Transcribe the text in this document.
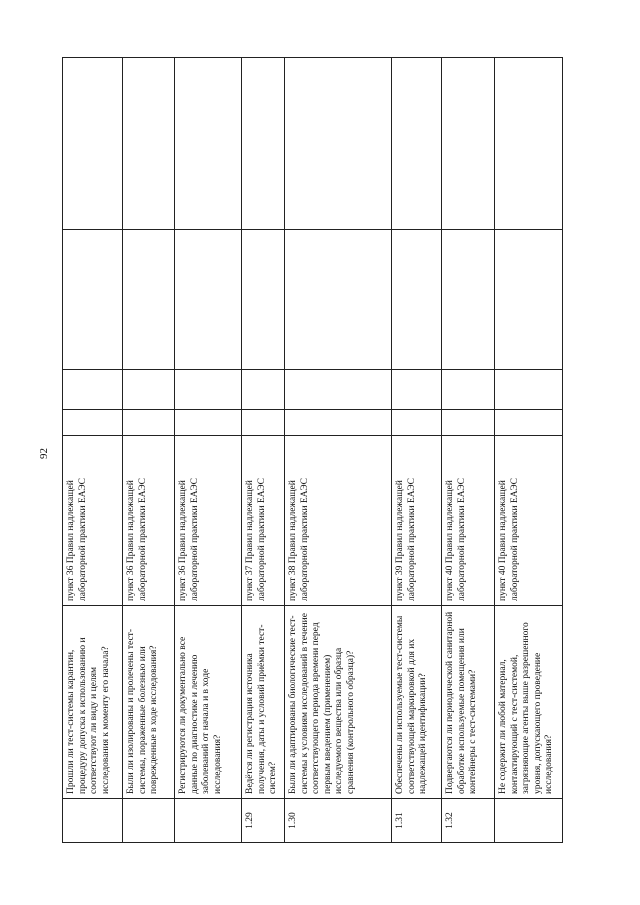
92
	Прошли ли тест-системы карантин, процедуру допуска к использованию и соответствуют ли виду и целям исследования к моменту его начала?	пункт 36 Правил надлежащей лабораторной практики ЕАЭС				
	Были ли изолированы и пролечены тест-системы, пораженные болезнью или поврежденные в ходе исследования?	пункт 36 Правил надлежащей лабораторной практики ЕАЭС				
	Регистрируются ли документально все данные по диагностике и лечению заболеваний от начала и в ходе исследования?	пункт 36 Правил надлежащей лабораторной практики ЕАЭС				
1.29	Ведётся ли регистрация источника получения, даты и условий приёмки тест-систем?	пункт 37 Правил надлежащей лабораторной практики ЕАЭС				
1.30	Были ли адаптированы биологические тест-системы к условиям исследований в течение соответствующего периода времени перед первым введением (применением) исследуемого вещества или образца сравнения (контрольного образца)?	пункт 38 Правил надлежащей лабораторной практики ЕАЭС				
1.31	Обеспечены ли используемые тест-системы соответствующей маркировкой для их надлежащей идентификации?	пункт 39 Правил надлежащей лабораторной практики ЕАЭС				
1.32	Подвергаются ли периодической санитарной обработке используемые помещения или контейнеры с тест-системами?	пункт 40 Правил надлежащей лабораторной практики ЕАЭС				
	Не содержит ли любой материал, контактирующий с тест-системой, загрязняющие агенты выше разрешенного уровня, допускающего проведение исследования?	пункт 40 Правил надлежащей лабораторной практики ЕАЭС				
